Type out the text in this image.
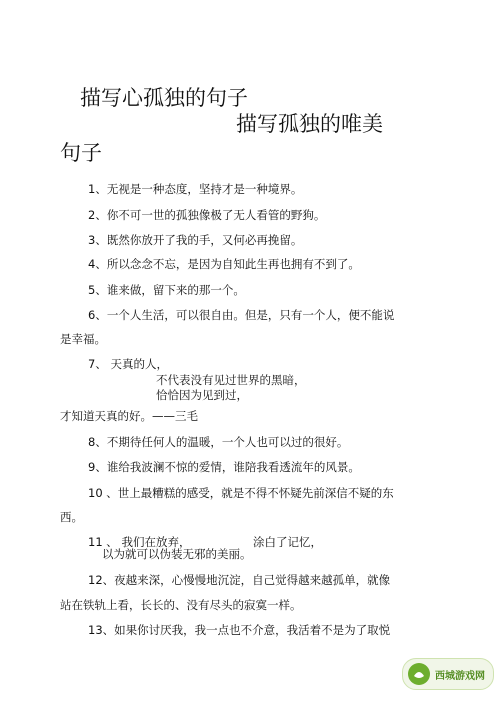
描写心孤独的句子
描写孤独的唯美
句子
1、无视是一种态度，坚持才是一种境界。
2、你不可一世的孤独像极了无人看管的野狗。
3、既然你放开了我的手，又何必再挽留。
4、所以念念不忘，是因为自知此生再也拥有不到了。
5、谁来做，留下来的那一个。
6、一个人生活，可以很自由。但是，只有一个人，便不能说
是幸福。
7、 天真的人，
不代表没有见过世界的黑暗，
恰恰因为见到过，
才知道天真的好。——三毛
8、不期待任何人的温暖，一个人也可以过的很好。
9、谁给我波澜不惊的爱情，谁陪我看透流年的风景。
10 、世上最糟糕的感受，就是不得不怀疑先前深信不疑的东
西。
11 、 我们在放弃，	涂白了记忆，
以为就可以伪装无邪的美丽。
12、夜越来深，心慢慢地沉淀，自己觉得越来越孤单，就像
站在铁轨上看，长长的、没有尽头的寂寞一样。
13、如果你讨厌我，我一点也不介意，我活着不是为了取悦
西城游戏网
